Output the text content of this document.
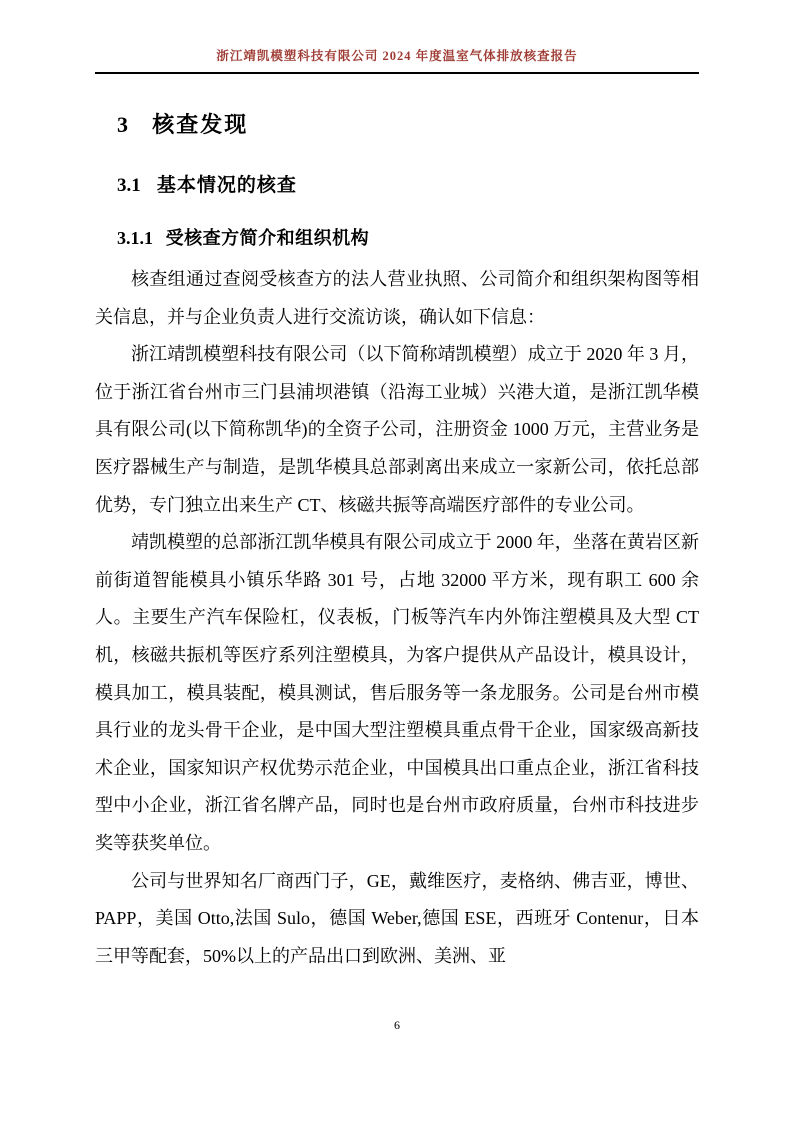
浙江靖凯模塑科技有限公司 2024 年度温室气体排放核查报告
3 核查发现
3.1 基本情况的核查
3.1.1 受核查方简介和组织机构

核查组通过查阅受核查方的法人营业执照、公司简介和组织架构图等相关信息，并与企业负责人进行交流访谈，确认如下信息：

浙江靖凯模塑科技有限公司（以下简称靖凯模塑）成立于 2020 年 3 月，位于浙江省台州市三门县浦坝港镇（沿海工业城）兴港大道，是浙江凯华模具有限公司(以下简称凯华)的全资子公司，注册资金 1000 万元，主营业务是医疗器械生产与制造，是凯华模具总部剥离出来成立一家新公司，依托总部优势，专门独立出来生产 CT、核磁共振等高端医疗部件的专业公司。

靖凯模塑的总部浙江凯华模具有限公司成立于 2000 年，坐落在黄岩区新前街道智能模具小镇乐华路 301 号，占地 32000 平方米，现有职工 600 余人。主要生产汽车保险杠，仪表板，门板等汽车内外饰注塑模具及大型 CT 机，核磁共振机等医疗系列注塑模具，为客户提供从产品设计，模具设计，模具加工，模具装配，模具测试，售后服务等一条龙服务。公司是台州市模具行业的龙头骨干企业，是中国大型注塑模具重点骨干企业，国家级高新技术企业，国家知识产权优势示范企业，中国模具出口重点企业，浙江省科技型中小企业，浙江省名牌产品，同时也是台州市政府质量，台州市科技进步奖等获奖单位。

公司与世界知名厂商西门子，GE，戴维医疗，麦格纳、佛吉亚，博世、PAPP，美国 Otto,法国 Sulo，德国 Weber,德国 ESE，西班牙 Contenur，日本三甲等配套，50%以上的产品出口到欧洲、美洲、亚

6
